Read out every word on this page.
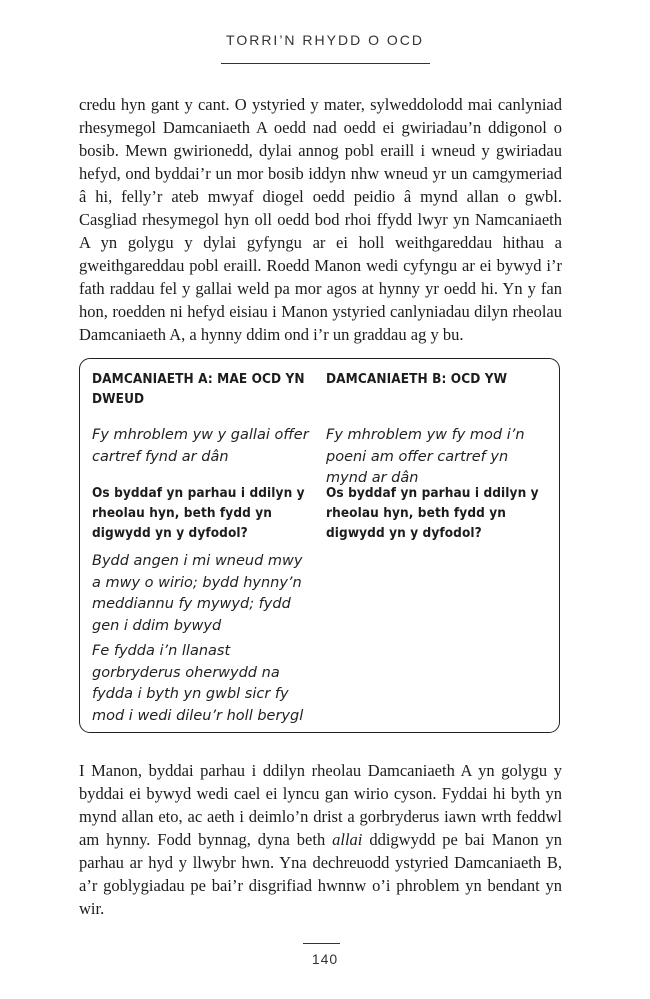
TORRI’N RHYDD O OCD

credu hyn gant y cant. O ystyried y mater, sylweddolodd mai canlyniad rhesymegol Damcaniaeth A oedd nad oedd ei gwiriadau’n ddigonol o bosib. Mewn gwirionedd, dylai annog pobl eraill i wneud y gwiriadau hefyd, ond byddai’r un mor bosib iddyn nhw wneud yr un camgymeriad â hi, felly’r ateb mwyaf diogel oedd peidio â mynd allan o gwbl. Casgliad rhesymegol hyn oll oedd bod rhoi ffydd lwyr yn Namcaniaeth A yn golygu y dylai gyfyngu ar ei holl weithgareddau hithau a gweithgareddau pobl eraill. Roedd Manon wedi cyfyngu ar ei bywyd i’r fath raddau fel y gallai weld pa mor agos at hynny yr oedd hi. Yn y fan hon, roedden ni hefyd eisiau i Manon ystyried canlyniadau dilyn rheolau Damcaniaeth A, a hynny ddim ond i’r un graddau ag y bu.

DAMCANIAETH A: MAE OCD YN DWEUD

DAMCANIAETH B: OCD YW

Fy mhroblem yw y gallai offer cartref fynd ar dân

Fy mhroblem yw fy mod i’n poeni am offer cartref yn mynd ar dân

Os byddaf yn parhau i ddilyn y rheolau hyn, beth fydd yn digwydd yn y dyfodol?

Os byddaf yn parhau i ddilyn y rheolau hyn, beth fydd yn digwydd yn y dyfodol?

Bydd angen i mi wneud mwy a mwy o wirio; bydd hynny’n meddiannu fy mywyd; fydd gen i ddim bywyd

Fe fydda i’n llanast gorbryderus oherwydd na fydda i byth yn gwbl sicr fy mod i wedi dileu’r holl berygl

I Manon, byddai parhau i ddilyn rheolau Damcaniaeth A yn golygu y byddai ei bywyd wedi cael ei lyncu gan wirio cyson. Fyddai hi byth yn mynd allan eto, ac aeth i deimlo’n drist a gorbryderus iawn wrth feddwl am hynny. Fodd bynnag, dyna beth allai ddigwydd pe bai Manon yn parhau ar hyd y llwybr hwn. Yna dechreuodd ystyried Damcaniaeth B, a’r goblygiadau pe bai’r disgrifiad hwnnw o’i phroblem yn bendant yn wir.

140
